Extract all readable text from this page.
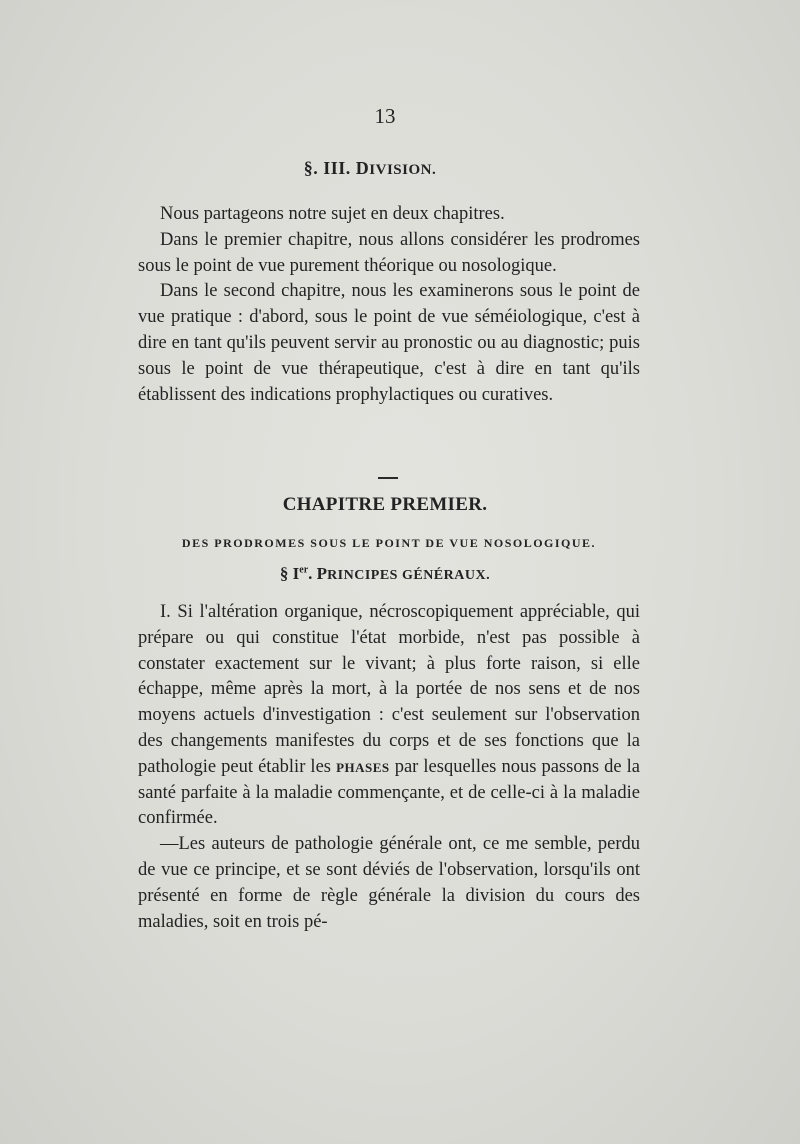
13
§. III. DIVISION.

Nous partageons notre sujet en deux chapitres.

Dans le premier chapitre, nous allons considérer les prodromes sous le point de vue purement théorique ou nosologique.

Dans le second chapitre, nous les examinerons sous le point de vue pratique : d'abord, sous le point de vue séméiologique, c'est à dire en tant qu'ils peuvent servir au pronostic ou au diagnostic; puis sous le point de vue thérapeutique, c'est à dire en tant qu'ils établissent des indications prophylactiques ou curatives.

CHAPITRE PREMIER.
DES PRODROMES SOUS LE POINT DE VUE NOSOLOGIQUE.
§ Ier. PRINCIPES GÉNÉRAUX.

I. Si l'altération organique, nécroscopiquement appréciable, qui prépare ou qui constitue l'état morbide, n'est pas possible à constater exactement sur le vivant; à plus forte raison, si elle échappe, même après la mort, à la portée de nos sens et de nos moyens actuels d'investigation : c'est seulement sur l'observation des changements manifestes du corps et de ses fonctions que la pathologie peut établir les PHASES par lesquelles nous passons de la santé parfaite à la maladie commençante, et de celle-ci à la maladie confirmée.

—Les auteurs de pathologie générale ont, ce me semble, perdu de vue ce principe, et se sont déviés de l'observation, lorsqu'ils ont présenté en forme de règle générale la division du cours des maladies, soit en trois pé-
